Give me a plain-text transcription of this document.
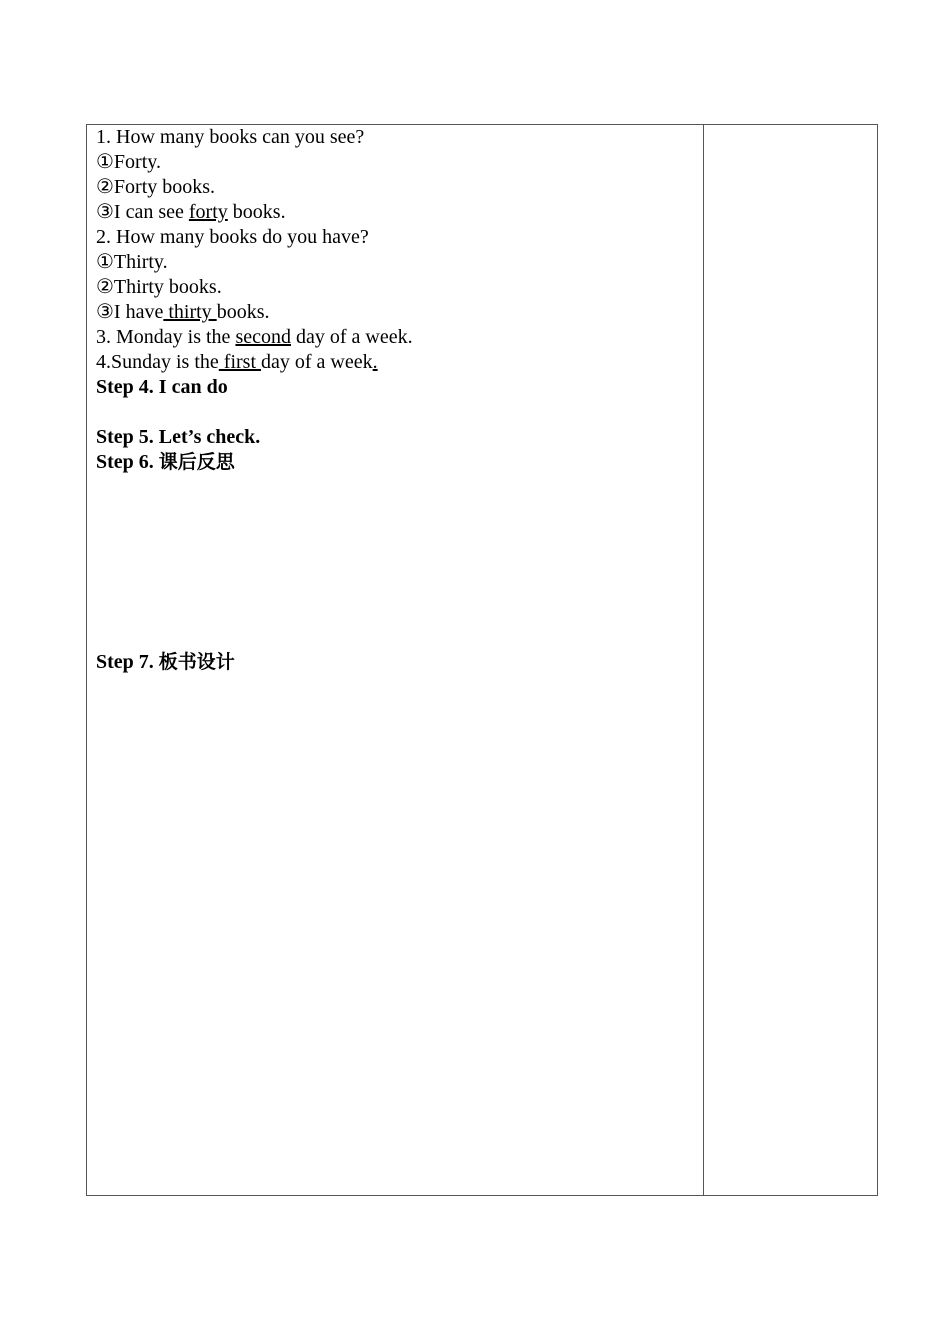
1. How many books can you see?

①Forty.

②Forty books.

③I can see forty books.

2. How many books do you have?

①Thirty.

②Thirty books.

③I have thirty books.

3. Monday is the second day of a week.

4.Sunday is the first day of a week.

Step 4. I can do

Step 5. Let’s check.

Step 6. 课后反思

Step 7. 板书设计
